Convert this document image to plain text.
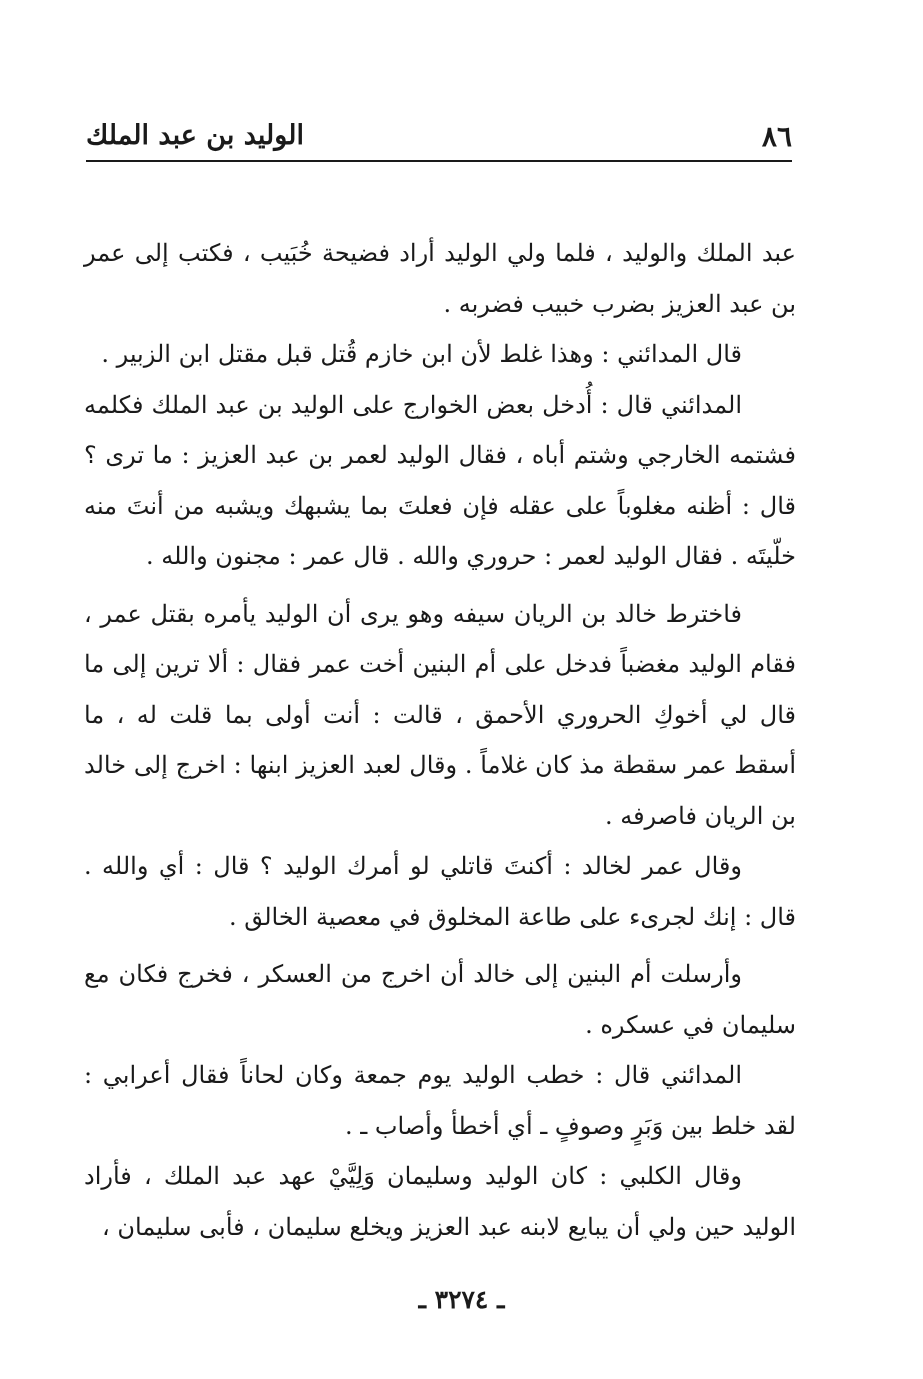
٨٦
الوليد بن عبد الملك

عبد الملك والوليد ، فلما ولي الوليد أراد فضيحة خُبَيب ، فكتب إلى عمر بن عبد العزيز بضرب خبيب فضربه .

قال المدائني : وهذا غلط لأن ابن خازم قُتل قبل مقتل ابن الزبير .

المدائني قال : أُدخل بعض الخوارج على الوليد بن عبد الملك فكلمه فشتمه الخارجي وشتم أباه ، فقال الوليد لعمر بن عبد العزيز : ما ترى ؟ قال : أظنه مغلوباً على عقله فإن فعلتَ بما يشبهك ويشبه من أنتَ منه خلّيتَه . فقال الوليد لعمر : حروري والله . قال عمر : مجنون والله .

فاخترط خالد بن الريان سيفه وهو يرى أن الوليد يأمره بقتل عمر ، فقام الوليد مغضباً فدخل على أم البنين أخت عمر فقال : ألا ترين إلى ما قال لي أخوكِ الحروري الأحمق ، قالت : أنت أولى بما قلت له ، ما أسقط عمر سقطة مذ كان غلاماً . وقال لعبد العزيز ابنها : اخرج إلى خالد بن الريان فاصرفه .

وقال عمر لخالد : أكنتَ قاتلي لو أمرك الوليد ؟ قال : أي والله . قال : إنك لجرىء على طاعة المخلوق في معصية الخالق .

وأرسلت أم البنين إلى خالد أن اخرج من العسكر ، فخرج فكان مع سليمان في عسكره .

المدائني قال : خطب الوليد يوم جمعة وكان لحاناً فقال أعرابي : لقد خلط بين وَبَرٍ وصوفٍ ـ أي أخطأ وأصاب ـ .

وقال الكلبي : كان الوليد وسليمان وَلِيَّيْ عهد عبد الملك ، فأراد الوليد حين ولي أن يبايع لابنه عبد العزيز ويخلع سليمان ، فأبى سليمان ،

ـ ٣٢٧٤ ـ
